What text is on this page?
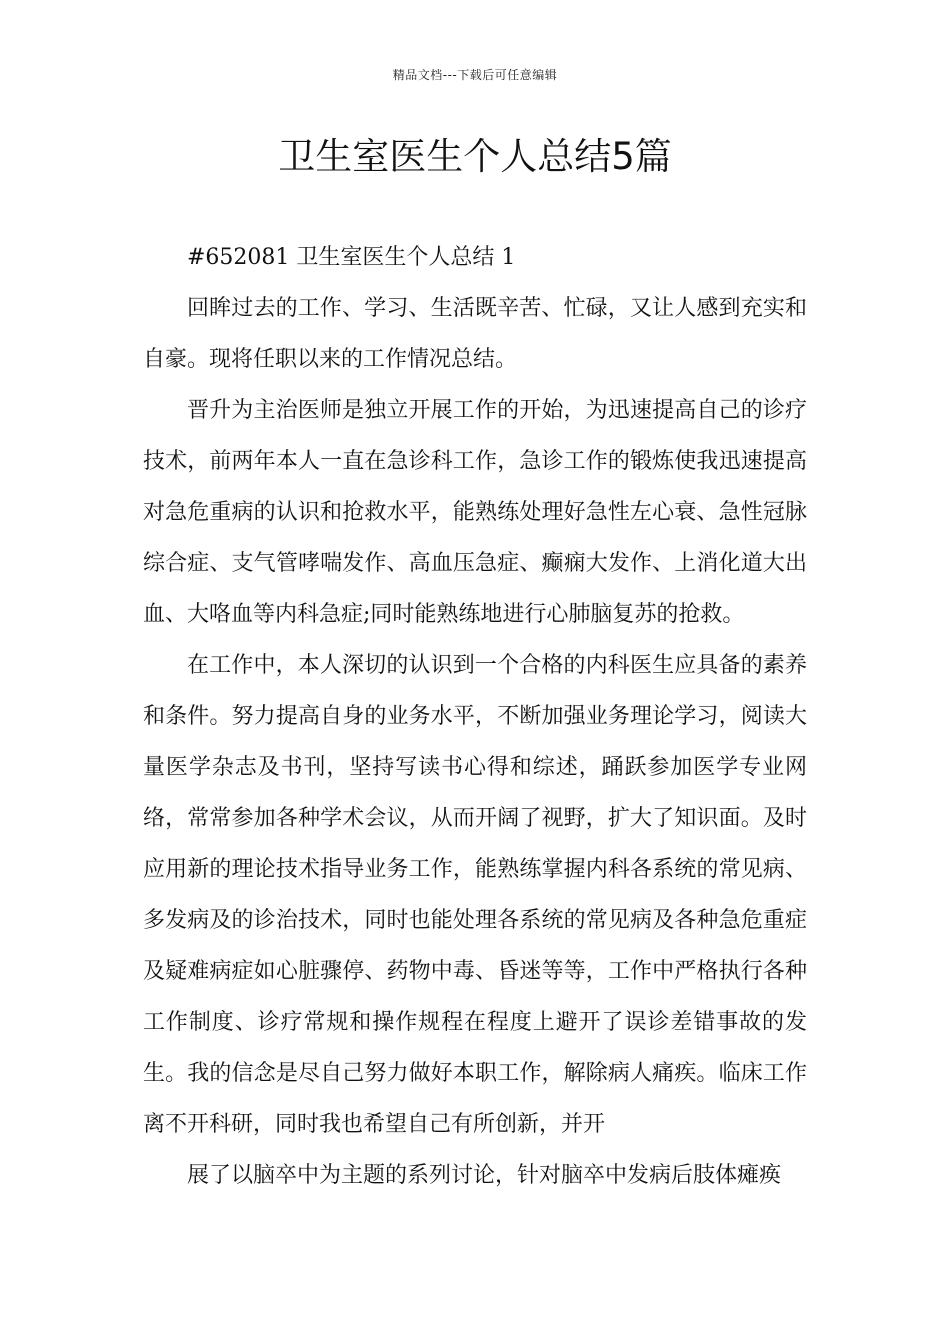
精品文档---下载后可任意编辑
卫生室医生个人总结5篇

#652081 卫生室医生个人总结 1

回眸过去的工作、学习、生活既辛苦、忙碌，又让人感到充实和自豪。现将任职以来的工作情况总结。

晋升为主治医师是独立开展工作的开始，为迅速提高自己的诊疗技术，前两年本人一直在急诊科工作，急诊工作的锻炼使我迅速提高对急危重病的认识和抢救水平，能熟练处理好急性左心衰、急性冠脉综合症、支气管哮喘发作、高血压急症、癫痫大发作、上消化道大出血、大咯血等内科急症;同时能熟练地进行心肺脑复苏的抢救。

在工作中，本人深切的认识到一个合格的内科医生应具备的素养和条件。努力提高自身的业务水平，不断加强业务理论学习，阅读大量医学杂志及书刊，坚持写读书心得和综述，踊跃参加医学专业网络，常常参加各种学术会议，从而开阔了视野，扩大了知识面。及时应用新的理论技术指导业务工作，能熟练掌握内科各系统的常见病、多发病及的诊治技术，同时也能处理各系统的常见病及各种急危重症及疑难病症如心脏骤停、药物中毒、昏迷等等，工作中严格执行各种工作制度、诊疗常规和操作规程在程度上避开了误诊差错事故的发生。我的信念是尽自己努力做好本职工作，解除病人痛疾。临床工作离不开科研，同时我也希望自己有所创新，并开

展了以脑卒中为主题的系列讨论，针对脑卒中发病后肢体瘫痪
